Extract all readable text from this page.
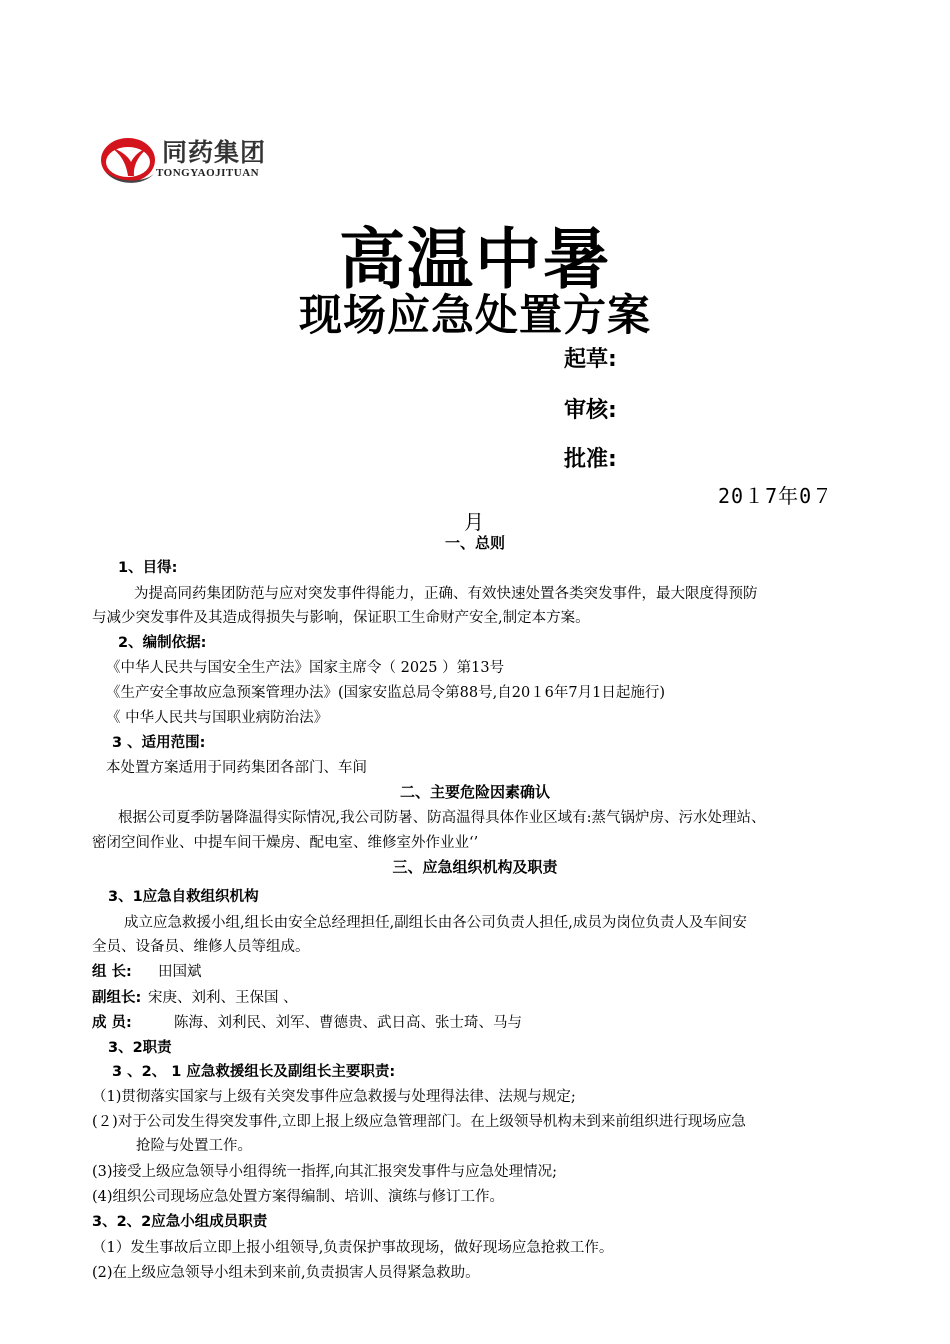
同药集团
TONGYAOJITUAN
高温中暑
现场应急处置方案
起草:
审核:
批准:
20１7年0７
月
一、总则
1、目得:
为提高同药集团防范与应对突发事件得能力，正确、有效快速处置各类突发事件，最大限度得预防
与减少突发事件及其造成得损失与影响，保证职工生命财产安全,制定本方案。
2、编制依据:
《中华人民共与国安全生产法》国家主席令（ 2025 ）第13号
《生产安全事故应急预案管理办法》(国家安监总局令第88号,自20１6年7月1日起施行)
《 中华人民共与国职业病防治法》
3 、适用范围:
本处置方案适用于同药集团各部门、车间
二、主要危险因素确认
根据公司夏季防暑降温得实际情况,我公司防暑、防高温得具体作业区域有:蒸气锅炉房、污水处理站、
密闭空间作业、中提车间干燥房、配电室、维修室外作业业‘’
三、应急组织机构及职责
3、1应急自救组织机构
成立应急救援小组,组长由安全总经理担任,副组长由各公司负责人担任,成员为岗位负责人及车间安
全员、设备员、维修人员等组成。
组 长: 田国斌
副组长: 宋庚、刘利、王保国 、
成 员:	陈海、刘利民、刘军、曹德贵、武日高、张士琦、马与
3、2职责
3 、2、 1 应急救援组长及副组长主要职责:
（1)贯彻落实国家与上级有关突发事件应急救援与处理得法律、法规与规定;
(２)对于公司发生得突发事件,立即上报上级应急管理部门。在上级领导机构未到来前组织进行现场应急
抢险与处置工作。
(3)接受上级应急领导小组得统一指挥,向其汇报突发事件与应急处理情况;
(4)组织公司现场应急处置方案得编制、培训、演练与修订工作。
3、2、2应急小组成员职责
（1）发生事故后立即上报小组领导,负责保护事故现场，做好现场应急抢救工作。
(2)在上级应急领导小组未到来前,负责损害人员得紧急救助。
